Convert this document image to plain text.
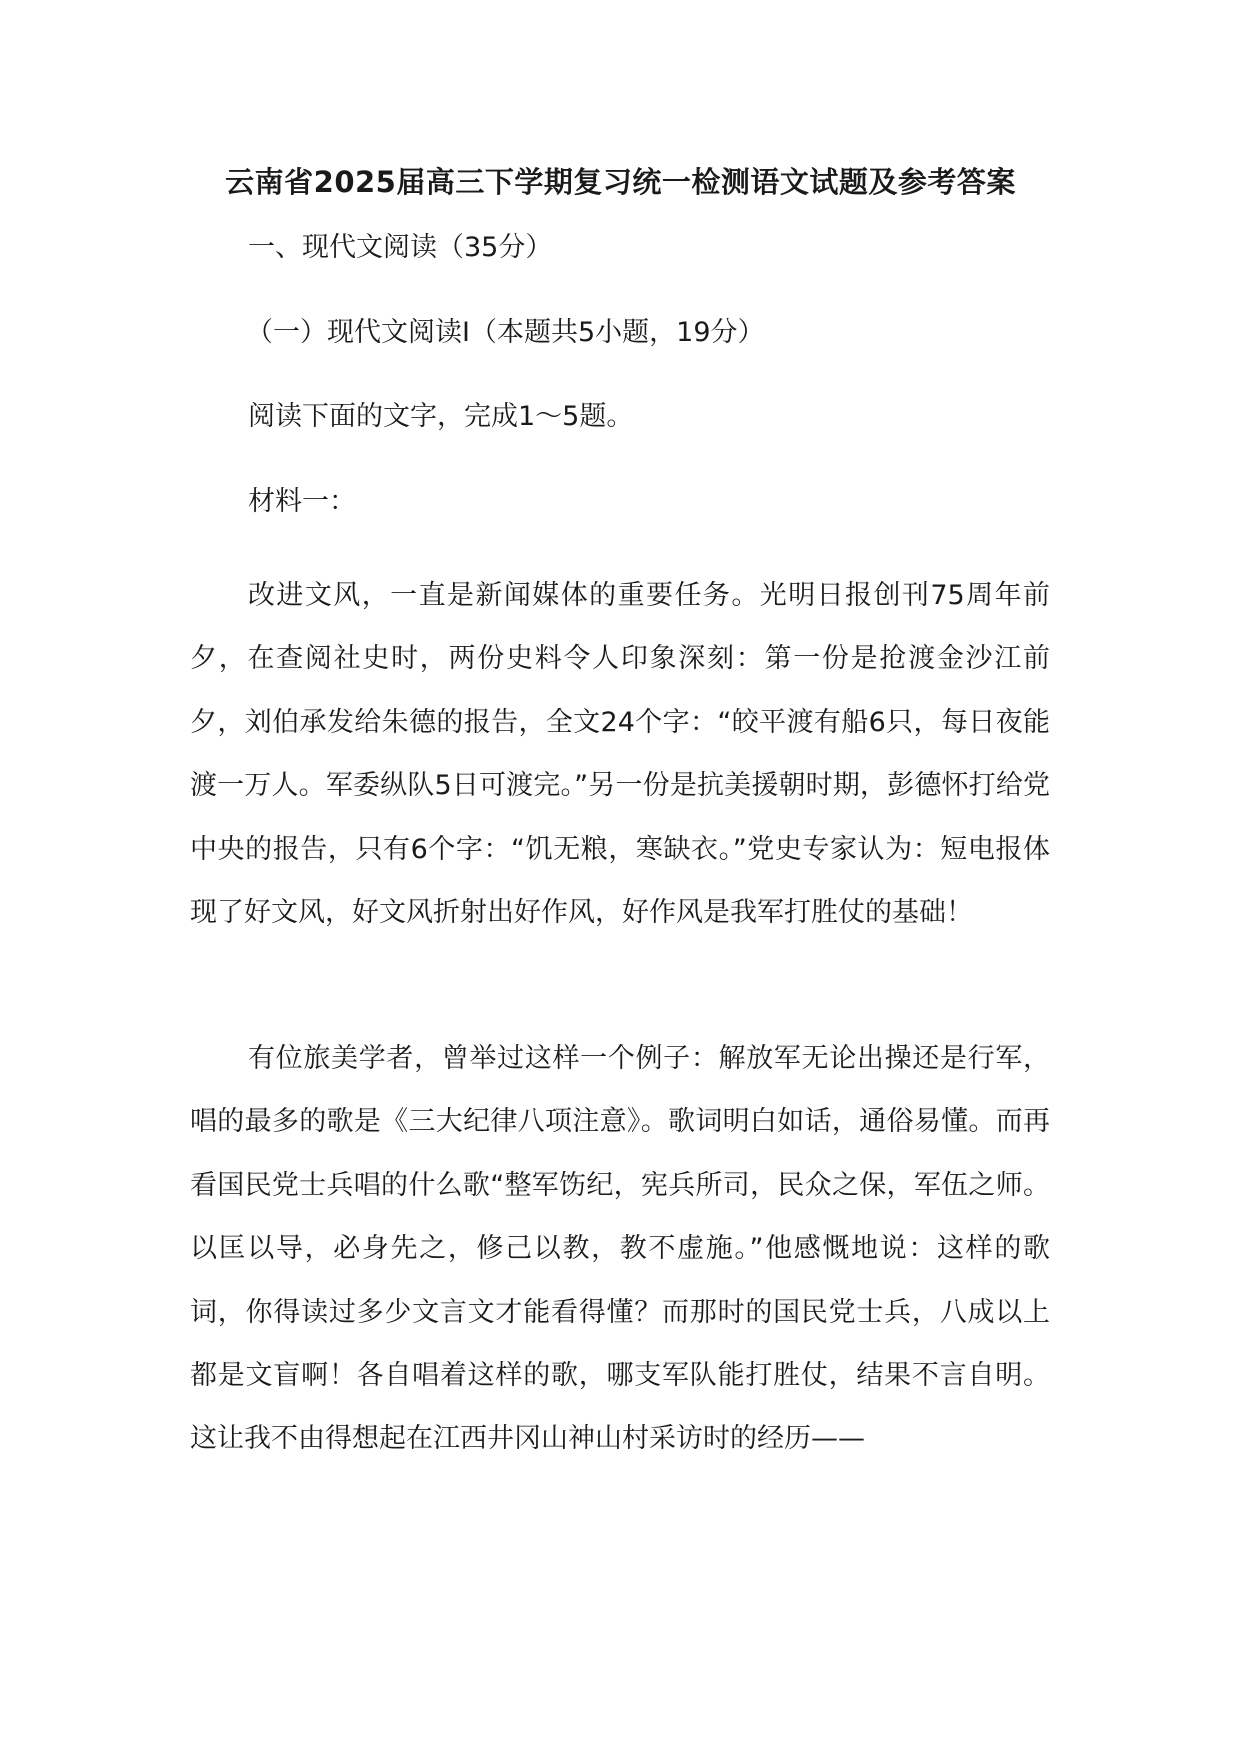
云南省2025届高三下学期复习统一检测语文试题及参考答案
一、现代文阅读（35分）
（一）现代文阅读Ⅰ（本题共5小题，19分）
阅读下面的文字，完成1～5题。
材料一：

改进文风，一直是新闻媒体的重要任务。光明日报创刊75周年前夕，在查阅社史时，两份史料令人印象深刻：第一份是抢渡金沙江前夕，刘伯承发给朱德的报告，全文24个字：“皎平渡有船6只，每日夜能渡一万人。军委纵队5日可渡完。”另一份是抗美援朝时期，彭德怀打给党中央的报告，只有6个字：“饥无粮，寒缺衣。”党史专家认为：短电报体现了好文风，好文风折射出好作风，好作风是我军打胜仗的基础！

有位旅美学者，曾举过这样一个例子：解放军无论出操还是行军，唱的最多的歌是《三大纪律八项注意》。歌词明白如话，通俗易懂。而再看国民党士兵唱的什么歌“整军饬纪，宪兵所司，民众之保，军伍之师。以匡以导，必身先之，修己以教，教不虚施。”他感慨地说：这样的歌词，你得读过多少文言文才能看得懂？而那时的国民党士兵，八成以上都是文盲啊！各自唱着这样的歌，哪支军队能打胜仗，结果不言自明。这让我不由得想起在江西井冈山神山村采访时的经历——
